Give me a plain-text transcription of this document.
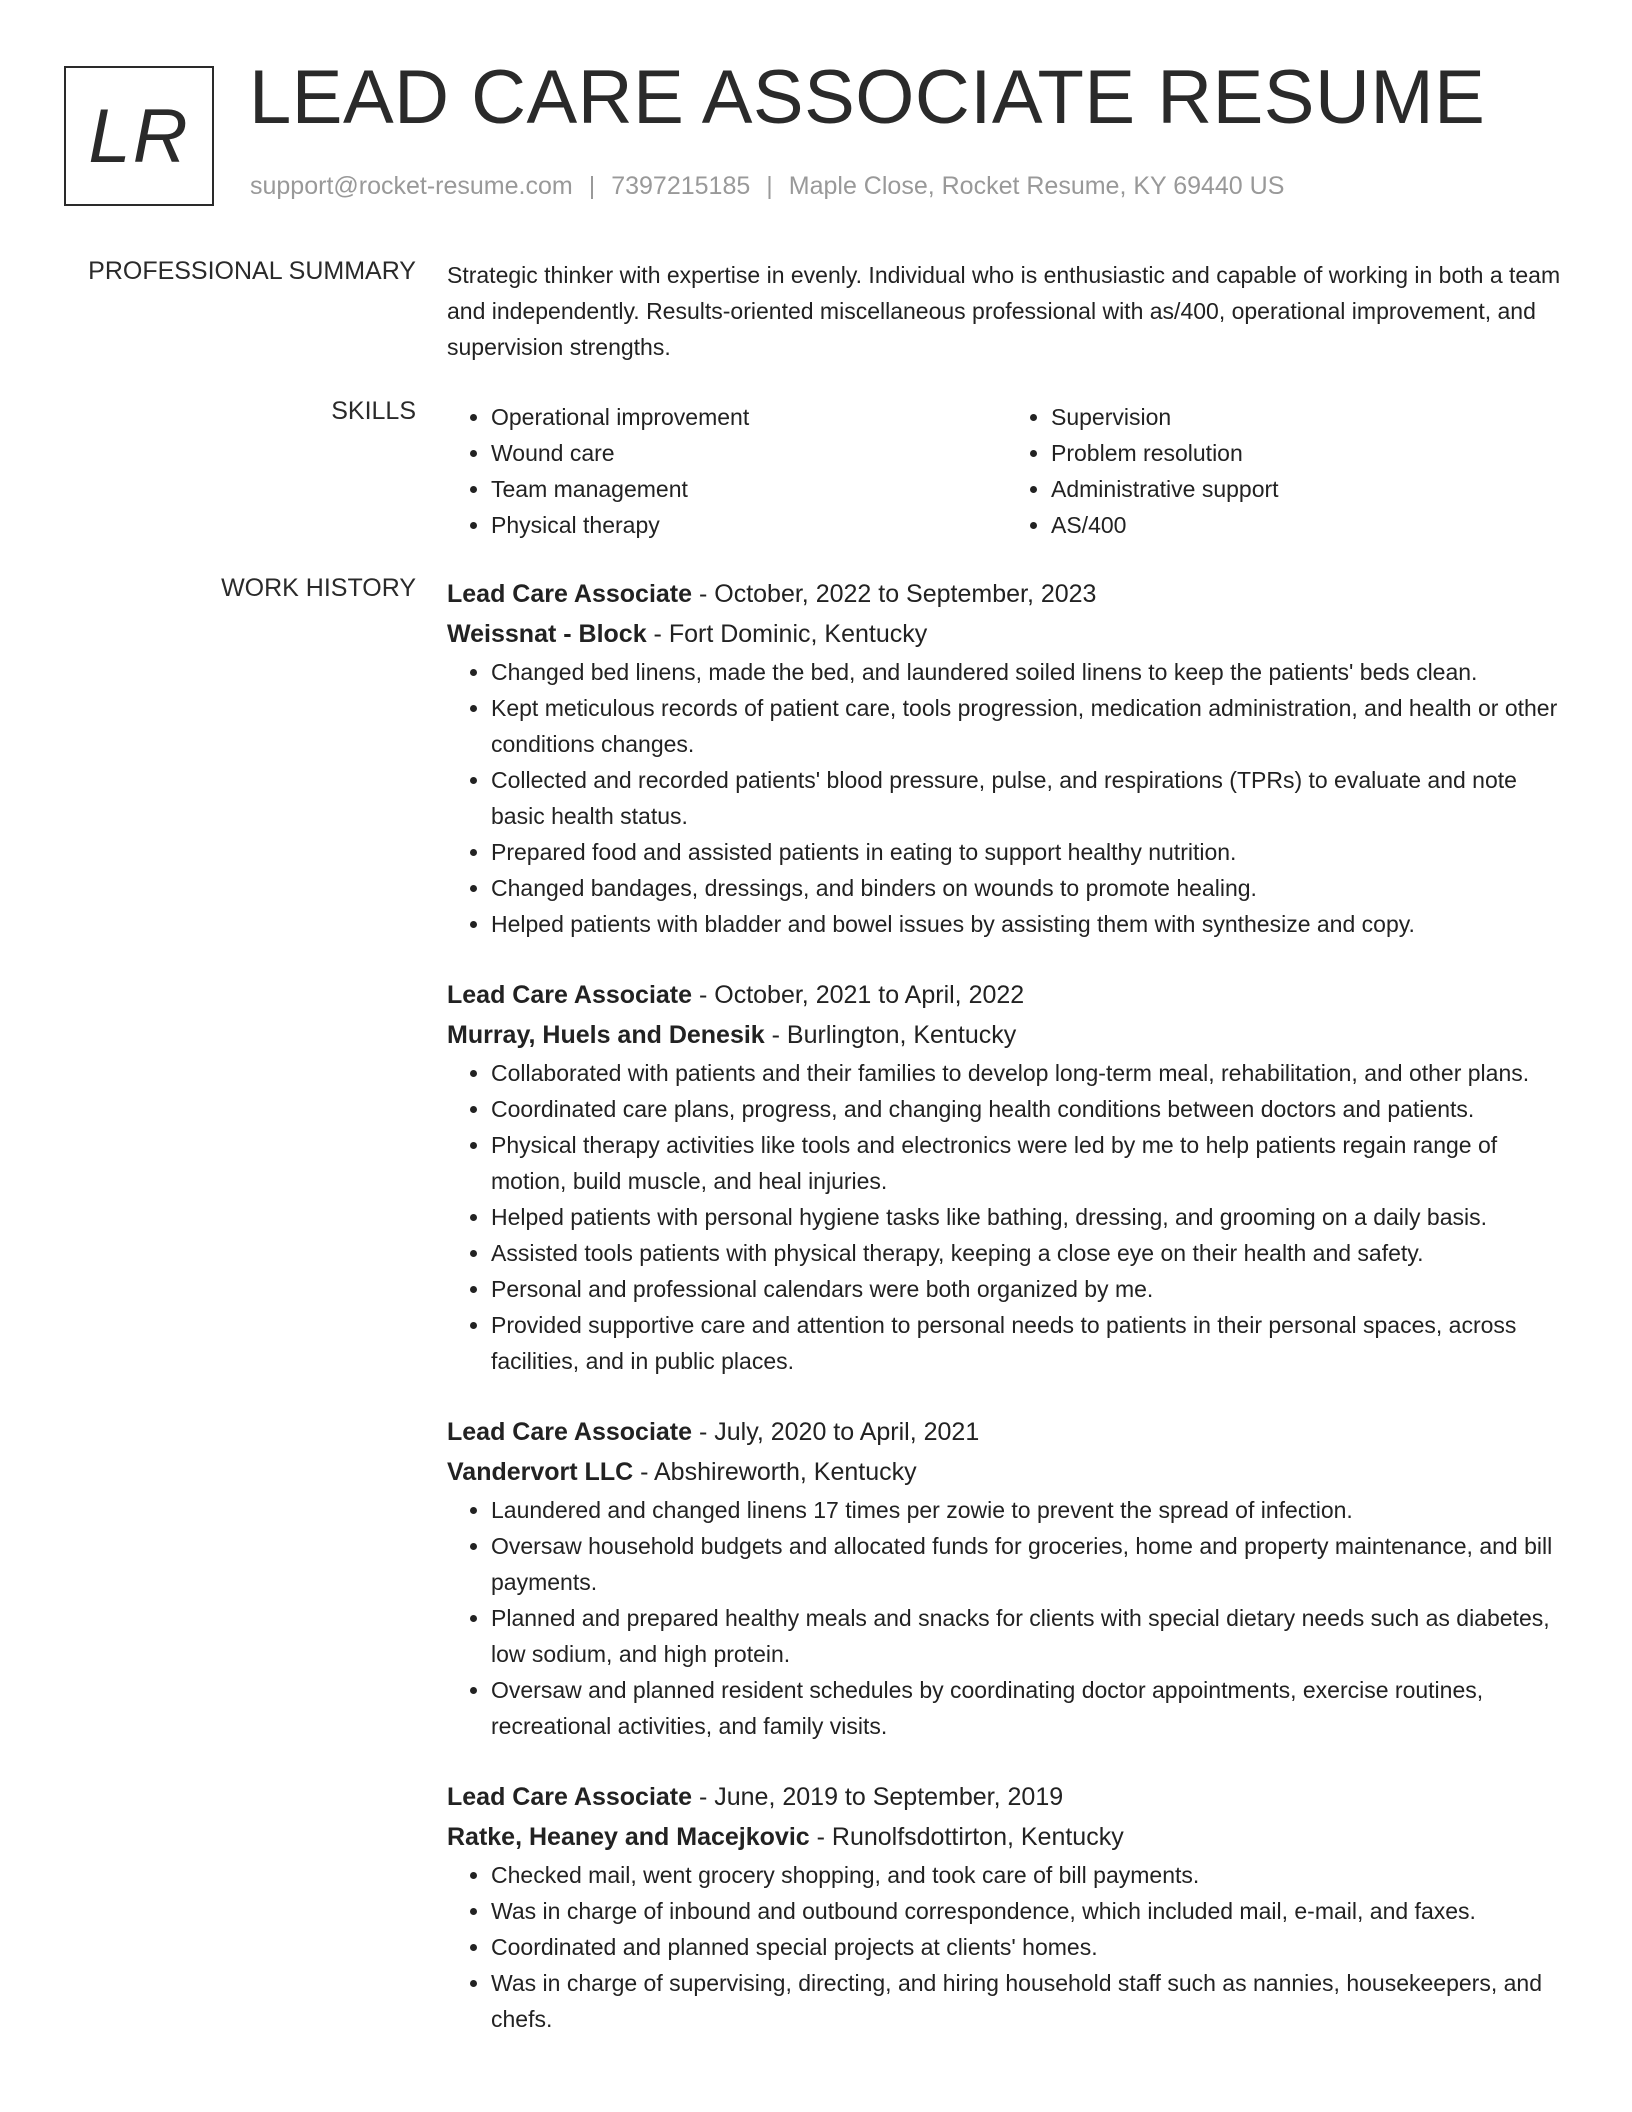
LR LEAD CARE ASSOCIATE RESUME
support@rocket-resume.com | 7397215185 | Maple Close, Rocket Resume, KY 69440 US
PROFESSIONAL SUMMARY Strategic thinker with expertise in evenly. Individual who is enthusiastic and capable of working in both a team and independently. Results-oriented miscellaneous professional with as/400, operational improvement, and supervision strengths.

SKILLS
•	Operational improvement
• Wound care
• Team management
• Physical therapy
• Supervision
• Problem resolution
• Administrative support
• AS/400
WORK HISTORY Lead Care Associate - October, 2022 to September, 2023
Weissnat - Block - Fort Dominic, Kentucky
• Changed bed linens, made the bed, and laundered soiled linens to keep the patients' beds clean.
• Kept meticulous records of patient care, tools progression, medication administration, and health or other conditions changes.
• Collected and recorded patients' blood pressure, pulse, and respirations (TPRs) to evaluate and note basic health status.
• Prepared food and assisted patients in eating to support healthy nutrition.
• Changed bandages, dressings, and binders on wounds to promote healing.
• Helped patients with bladder and bowel issues by assisting them with synthesize and copy.
Lead Care Associate - October, 2021 to April, 2022
Murray, Huels and Denesik - Burlington, Kentucky
• Collaborated with patients and their families to develop long-term meal, rehabilitation, and other plans.
• Coordinated care plans, progress, and changing health conditions between doctors and patients.
• Physical therapy activities like tools and electronics were led by me to help patients regain range of motion, build muscle, and heal injuries.
• Helped patients with personal hygiene tasks like bathing, dressing, and grooming on a daily basis.
• Assisted tools patients with physical therapy, keeping a close eye on their health and safety.
• Personal and professional calendars were both organized by me.
• Provided supportive care and attention to personal needs to patients in their personal spaces, across facilities, and in public places.
Lead Care Associate - July, 2020 to April, 2021
Vandervort LLC - Abshireworth, Kentucky
• Laundered and changed linens 17 times per zowie to prevent the spread of infection.
• Oversaw household budgets and allocated funds for groceries, home and property maintenance, and bill payments.
• Planned and prepared healthy meals and snacks for clients with special dietary needs such as diabetes, low sodium, and high protein.
• Oversaw and planned resident schedules by coordinating doctor appointments, exercise routines, recreational activities, and family visits.
Lead Care Associate - June, 2019 to September, 2019
Ratke, Heaney and Macejkovic - Runolfsdottirton, Kentucky
• Checked mail, went grocery shopping, and took care of bill payments.
• Was in charge of inbound and outbound correspondence, which included mail, e-mail, and faxes.
• Coordinated and planned special projects at clients' homes.
• Was in charge of supervising, directing, and hiring household staff such as nannies, housekeepers, and chefs.
